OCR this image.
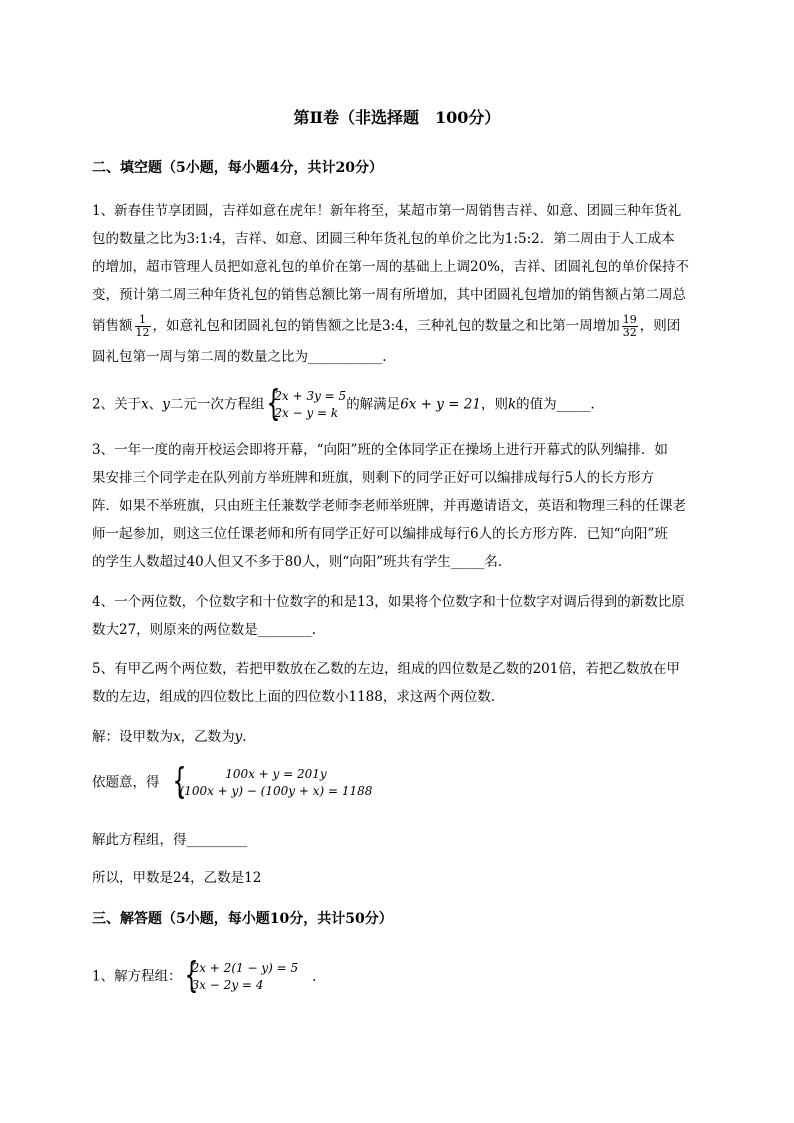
第Ⅱ卷（非选择题　100分）
二、填空题（5小题，每小题4分，共计20分）
1、新春佳节享团圆，吉祥如意在虎年！新年将至，某超市第一周销售吉祥、如意、团圆三种年货礼
包的数量之比为3:1:4，吉祥、如意、团圆三种年货礼包的单价之比为1:5:2．第二周由于人工成本
的增加，超市管理人员把如意礼包的单价在第一周的基础上上调20%，吉祥、团圆礼包的单价保持不
变，预计第二周三种年货礼包的销售总额比第一周有所增加，其中团圆礼包增加的销售额占第二周总
销售额 $\frac{1}{12}$ ，如意礼包和团圆礼包的销售额之比是3:4，三种礼包的数量之和比第一周增加 $\frac{19}{32}$ ，则团
圆礼包第一周与第二周的数量之比为___________.
2、关于x、y二元一次方程组
{ 2x + 3y = 5
2x − y = k
的解满足6x + y = 21，则k的值为_____.
3、一年一度的南开校运会即将开幕，“向阳”班的全体同学正在操场上进行开幕式的队列编排．如
果安排三个同学走在队列前方举班牌和班旗，则剩下的同学正好可以编排成每行5人的长方形方
阵．如果不举班旗，只由班主任兼数学老师李老师举班牌，并再邀请语文，英语和物理三科的任课老
师一起参加，则这三位任课老师和所有同学正好可以编排成每行6人的长方形方阵．已知“向阳”班
的学生人数超过40人但又不多于80人，则“向阳”班共有学生_____名．
4、一个两位数，个位数字和十位数字的和是13，如果将个位数字和十位数字对调后得到的新数比原
数大27，则原来的两位数是________.
5、有甲乙两个两位数，若把甲数放在乙数的左边，组成的四位数是乙数的201倍，若把乙数放在甲
数的左边，组成的四位数比上面的四位数小1188，求这两个两位数．
解：设甲数为x，乙数为y.
依题意，得
{ 100x + y = 201y
(100x + y) − (100y + x) = 1188
解此方程组，得_________
所以，甲数是24，乙数是12
三、解答题（5小题，每小题10分，共计50分）
1、解方程组：
{ 2x + 2(1 − y) = 5
3x − 2y = 4
.
